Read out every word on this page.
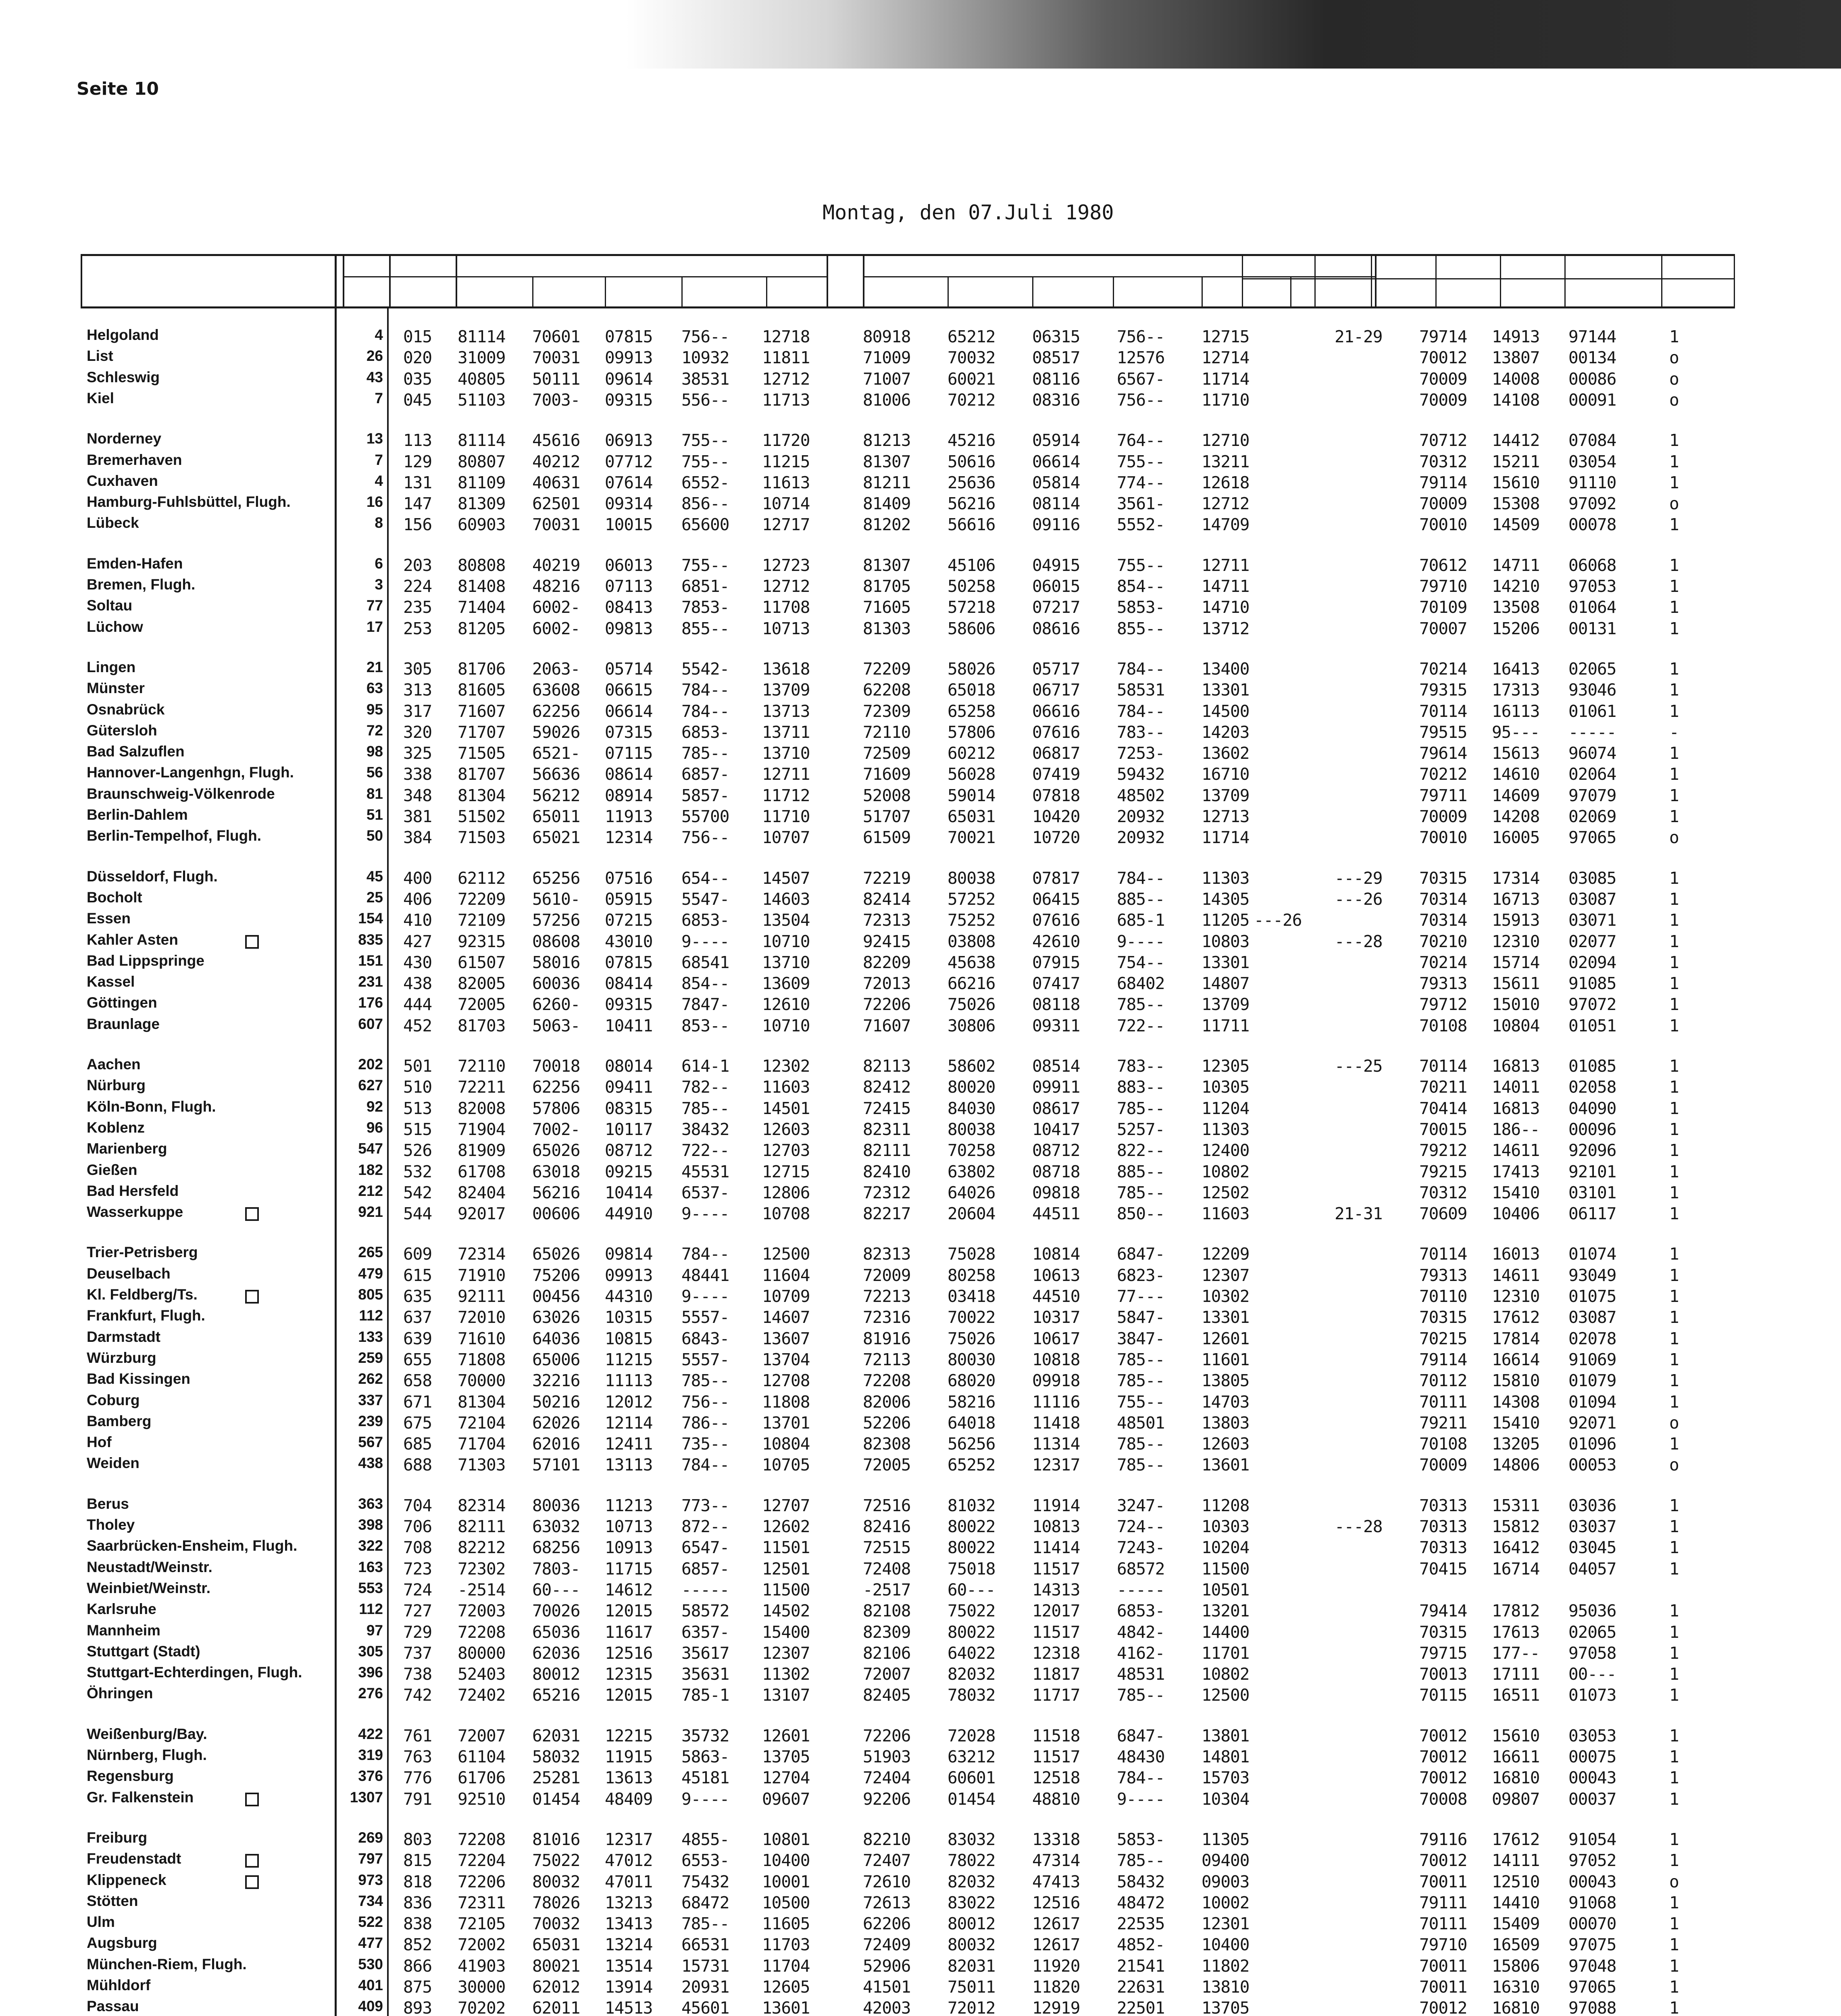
Seite 10
Montag, den 07.Juli 1980
Helgoland	4 015 81114 70601 07815 756-- 12718	80918 65212 06315 756-- 12715	21-29 79714 14913 97144	1
List	26 020 31009 70031 09913 10932 11811	71009 70032 08517 12576 12714	70012 13807 00134	o
Schleswig	43 035 40805 50111 09614 38531 12712	71007 60021 08116 6567- 11714	70009 14008 00086	o
Kiel	7 045 51103 7003- 09315 556-- 11713	81006 70212 08316 756-- 11710	70009 14108 00091	o
Norderney	13 113 81114 45616 06913 755-- 11720	81213 45216 05914 764-- 12710	70712 14412 07084	1
Bremerhaven	7 129 80807 40212 07712 755-- 11215	81307 50616 06614 755-- 13211	70312 15211 03054	1
Cuxhaven	4 131 81109 40631 07614 6552- 11613	81211 25636 05814 774-- 12618	79114 15610 91110	1
Hamburg-Fuhlsbüttel, Flugh.	16 147 81309 62501 09314 856-- 10714	81409 56216 08114 3561- 12712	70009 15308 97092	o
Lübeck	8 156 60903 70031 10015 65600 12717	81202 56616 09116 5552- 14709	70010 14509 00078	1
Emden-Hafen	6 203 80808 40219 06013 755-- 12723	81307 45106 04915 755-- 12711	70612 14711 06068	1
Bremen, Flugh.	3 224 81408 48216 07113 6851- 12712	81705 50258 06015 854-- 14711	79710 14210 97053	1
Soltau	77 235 71404 6002- 08413 7853- 11708	71605 57218 07217 5853- 14710	70109 13508 01064	1
Lüchow	17 253 81205 6002- 09813 855-- 10713	81303 58606 08616 855-- 13712	70007 15206 00131	1
Lingen	21 305 81706 2063- 05714 5542- 13618	72209 58026 05717 784-- 13400	70214 16413 02065	1
Münster	63 313 81605 63608 06615 784-- 13709	62208 65018 06717 58531 13301	79315 17313 93046	1
Osnabrück	95 317 71607 62256 06614 784-- 13713	72309 65258 06616 784-- 14500	70114 16113 01061	1
Gütersloh	72 320 71707 59026 07315 6853- 13711	72110 57806 07616 783-- 14203	79515 95--- -----	-
Bad Salzuflen	98 325 71505 6521- 07115 785-- 13710	72509 60212 06817 7253- 13602	79614 15613 96074	1
Hannover-Langenhgn, Flugh.	56 338 81707 56636 08614 6857- 12711	71609 56028 07419 59432 16710	70212 14610 02064	1
Braunschweig-Völkenrode	81 348 81304 56212 08914 5857- 11712	52008 59014 07818 48502 13709	79711 14609 97079	1
Berlin-Dahlem	51 381 51502 65011 11913 55700 11710	51707 65031 10420 20932 12713	70009 14208 02069	1
Berlin-Tempelhof, Flugh.	50 384 71503 65021 12314 756-- 10707	61509 70021 10720 20932 11714	70010 16005 97065	o
Düsseldorf, Flugh.	45 400 62112 65256 07516 654-- 14507	72219 80038 07817 784-- 11303	---29 70315 17314 03085	1
Bocholt	25 406 72209 5610- 05915 5547- 14603	82414 57252 06415 885-- 14305	---26 70314 16713 03087	1
Essen	154 410 72109 57256 07215 6853- 13504	72313 75252 07616 685-1 11205 ---26	70314 15913 03071	1
Kahler Asten	835 427 92315 08608 43010 9---- 10710	92415 03808 42610 9---- 10803	---28 70210 12310 02077	1
Bad Lippspringe	151 430 61507 58016 07815 68541 13710	82209 45638 07915 754-- 13301	70214 15714 02094	1
Kassel	231 438 82005 60036 08414 854-- 13609	72013 66216 07417 68402 14807	79313 15611 91085	1
Göttingen	176 444 72005 6260- 09315 7847- 12610	72206 75026 08118 785-- 13709	79712 15010 97072	1
Braunlage	607 452 81703 5063- 10411 853-- 10710	71607 30806 09311 722-- 11711	70108 10804 01051	1
Aachen	202 501 72110 70018 08014 614-1 12302	82113 58602 08514 783-- 12305	---25 70114 16813 01085	1
Nürburg	627 510 72211 62256 09411 782-- 11603	82412 80020 09911 883-- 10305	70211 14011 02058	1
Köln-Bonn, Flugh.	92 513 82008 57806 08315 785-- 14501	72415 84030 08617 785-- 11204	70414 16813 04090	1
Koblenz	96 515 71904 7002- 10117 38432 12603	82311 80038 10417 5257- 11303	70015 186-- 00096	1
Marienberg	547 526 81909 65026 08712 722-- 12703	82111 70258 08712 822-- 12400	79212 14611 92096	1
Gießen	182 532 61708 63018 09215 45531 12715	82410 63802 08718 885-- 10802	79215 17413 92101	1
Bad Hersfeld	212 542 82404 56216 10414 6537- 12806	72312 64026 09818 785-- 12502	70312 15410 03101	1
Wasserkuppe	921 544 92017 00606 44910 9---- 10708	82217 20604 44511 850-- 11603	21-31 70609 10406 06117	1
Trier-Petrisberg	265 609 72314 65026 09814 784-- 12500	82313 75028 10814 6847- 12209	70114 16013 01074	1
Deuselbach	479 615 71910 75206 09913 48441 11604	72009 80258 10613 6823- 12307	79313 14611 93049	1
Kl. Feldberg/Ts.	805 635 92111 00456 44310 9---- 10709	72213 03418 44510 77--- 10302	70110 12310 01075	1
Frankfurt, Flugh.	112 637 72010 63026 10315 5557- 14607	72316 70022 10317 5847- 13301	70315 17612 03087	1
Darmstadt	133 639 71610 64036 10815 6843- 13607	81916 75026 10617 3847- 12601	70215 17814 02078	1
Würzburg	259 655 71808 65006 11215 5557- 13704	72113 80030 10818 785-- 11601	79114 16614 91069	1
Bad Kissingen	262 658 70000 32216 11113 785-- 12708	72208 68020 09918 785-- 13805	70112 15810 01079	1
Coburg	337 671 81304 50216 12012 756-- 11808	82006 58216 11116 755-- 14703	70111 14308 01094	1
Bamberg	239 675 72104 62026 12114 786-- 13701	52206 64018 11418 48501 13803	79211 15410 92071	o
Hof	567 685 71704 62016 12411 735-- 10804	82308 56256 11314 785-- 12603	70108 13205 01096	1
Weiden	438 688 71303 57101 13113 784-- 10705	72005 65252 12317 785-- 13601	70009 14806 00053	o
Berus	363 704 82314 80036 11213 773-- 12707	72516 81032 11914 3247- 11208	70313 15311 03036	1
Tholey	398 706 82111 63032 10713 872-- 12602	82416 80022 10813 724-- 10303	---28 70313 15812 03037	1
Saarbrücken-Ensheim, Flugh.	322 708 82212 68256 10913 6547- 11501	72515 80022 11414 7243- 10204	70313 16412 03045	1
Neustadt/Weinstr.	163 723 72302 7803- 11715 6857- 12501	72408 75018 11517 68572 11500	70415 16714 04057	1
Weinbiet/Weinstr.	553 724 -2514 60--- 14612 ----- 11500	-2517 60--- 14313 ----- 10501
Karlsruhe	112 727 72003 70026 12015 58572 14502	82108 75022 12017 6853- 13201	79414 17812 95036	1
Mannheim	97 729 72208 65036 11617 6357- 15400	82309 80022 11517 4842- 14400	70315 17613 02065	1
Stuttgart (Stadt)	305 737 80000 62036 12516 35617 12307	82106 64022 12318 4162- 11701	79715 177-- 97058	1
Stuttgart-Echterdingen, Flugh.	396 738 52403 80012 12315 35631 11302	72007 82032 11817 48531 10802	70013 17111 00---	1
Öhringen	276 742 72402 65216 12015 785-1 13107	82405 78032 11717 785-- 12500	70115 16511 01073	1
Weißenburg/Bay.	422 761 72007 62031 12215 35732 12601	72206 72028 11518 6847- 13801	70012 15610 03053	1
Nürnberg, Flugh.	319 763 61104 58032 11915 5863- 13705	51903 63212 11517 48430 14801	70012 16611 00075	1
Regensburg	376 776 61706 25281 13613 45181 12704	72404 60601 12518 784-- 15703	70012 16810 00043	1
Gr. Falkenstein	1307 791 92510 01454 48409 9---- 09607	92206 01454 48810 9---- 10304	70008 09807 00037	1
Freiburg	269 803 72208 81016 12317 4855- 10801	82210 83032 13318 5853- 11305	79116 17612 91054	1
Freudenstadt	797 815 72204 75022 47012 6553- 10400	72407 78022 47314 785-- 09400	70012 14111 97052	1
Klippeneck	973 818 72206 80032 47011 75432 10001	72610 82032 47413 58432 09003	70011 12510 00043	o
Stötten	734 836 72311 78026 13213 68472 10500	72613 83022 12516 48472 10002	79111 14410 91068	1
Ulm	522 838 72105 70032 13413 785-- 11605	62206 80012 12617 22535 12301	70111 15409 00070	1
Augsburg	477 852 72002 65031 13214 66531 11703	72409 80032 12617 4852- 10400	79710 16509 97075	1
München-Riem, Flugh.	530 866 41903 80021 13514 15731 11704	52906 82031 11920 21541 11802	70011 15806 97048	1
Mühldorf	401 875 30000 62012 13914 20931 12605	41501 75011 11820 22631 13810	70011 16310 97065	1
Passau	409 893 70202 62011 14513 45601 13601	42003 72012 12919 22501 13705	70012 16810 97088	1
